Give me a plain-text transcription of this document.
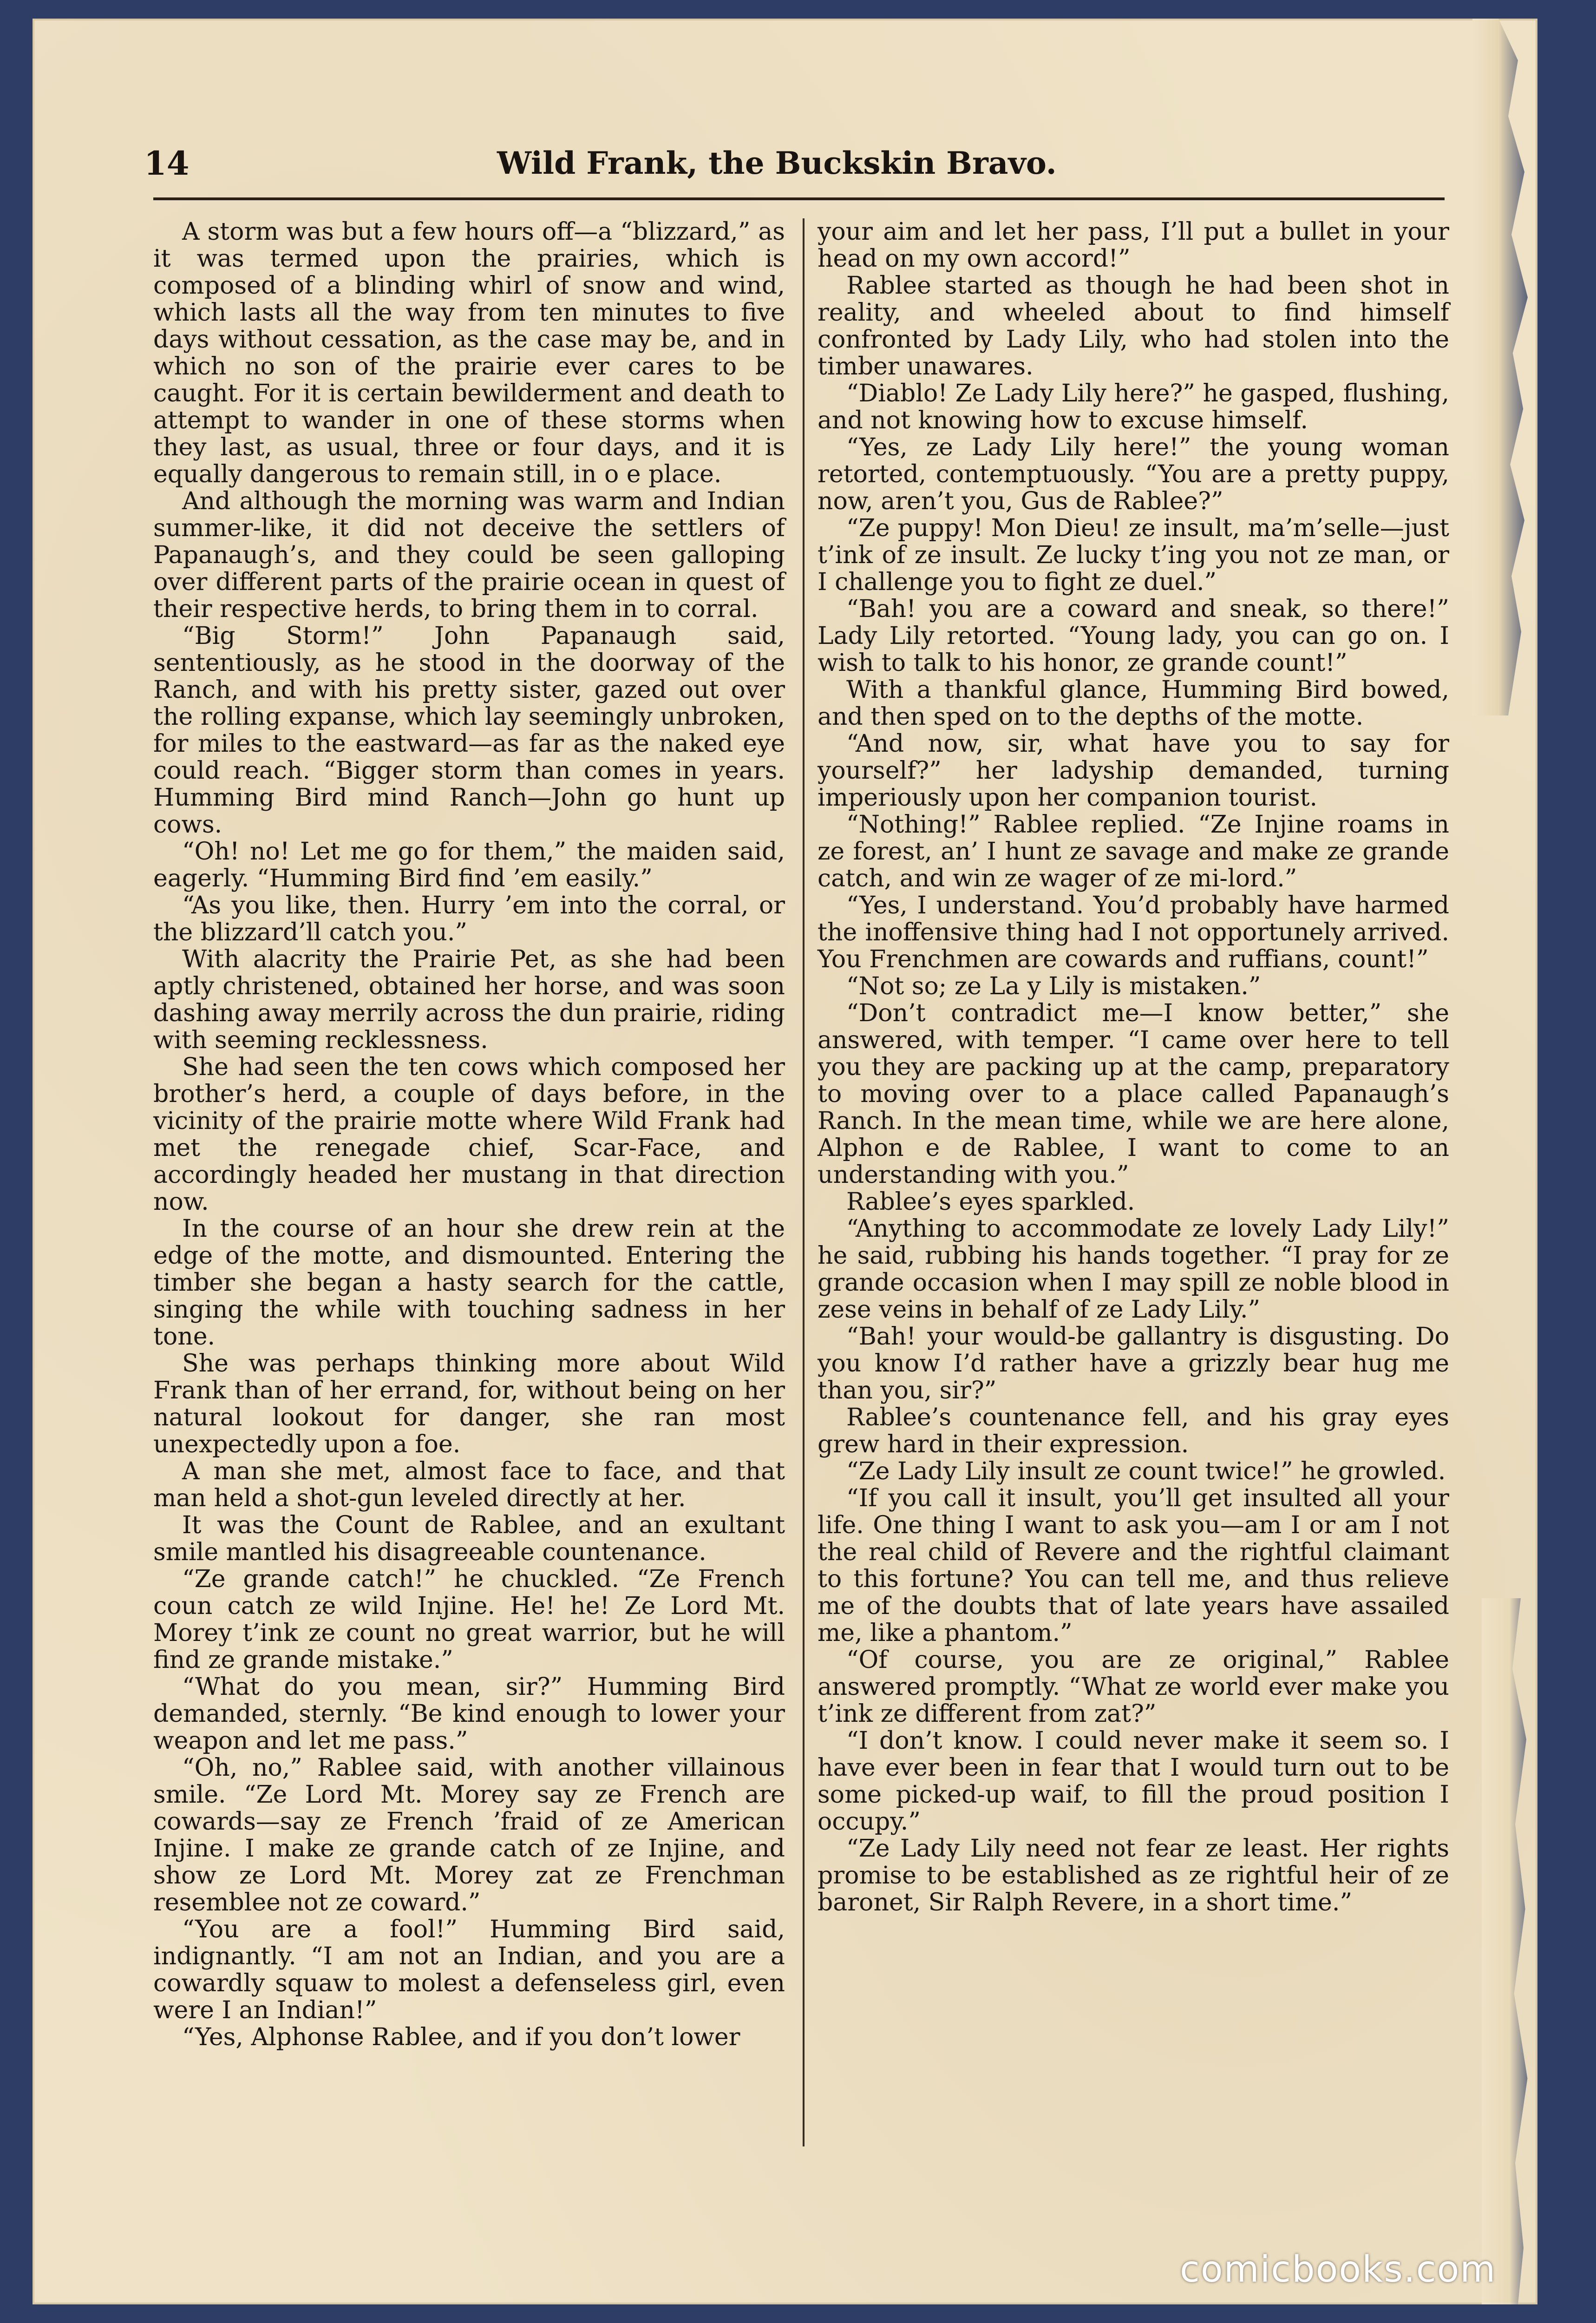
14	Wild Frank, the Buckskin Bravo.

A storm was but a few hours off—a “blizzard,” as it was termed upon the prairies, which is composed of a blinding whirl of snow and wind, which lasts all the way from ten minutes to five days without cessation, as the case may be, and in which no son of the prairie ever cares to be caught. For it is certain bewilderment and death to attempt to wander in one of these storms when they last, as usual, three or four days, and it is equally dangerous to remain still, in o e place.

And although the morning was warm and Indian summer-like, it did not deceive the settlers of Papanaugh’s, and they could be seen galloping over different parts of the prairie ocean in quest of their respective herds, to bring them in to corral.

“Big Storm!” John Papanaugh said, sententiously, as he stood in the doorway of the Ranch, and with his pretty sister, gazed out over the rolling expanse, which lay seemingly unbroken, for miles to the eastward—as far as the naked eye could reach. “Bigger storm than comes in years. Humming Bird mind Ranch—John go hunt up cows.

“Oh! no! Let me go for them,” the maiden said, eagerly. “Humming Bird find ’em easily.”

“As you like, then. Hurry ’em into the corral, or the blizzard’ll catch you.”

With alacrity the Prairie Pet, as she had been aptly christened, obtained her horse, and was soon dashing away merrily across the dun prairie, riding with seeming recklessness.

She had seen the ten cows which composed her brother’s herd, a couple of days before, in the vicinity of the prairie motte where Wild Frank had met the renegade chief, Scar-Face, and accordingly headed her mustang in that direction now.

In the course of an hour she drew rein at the edge of the motte, and dismounted. Entering the timber she began a hasty search for the cattle, singing the while with touching sadness in her tone.

She was perhaps thinking more about Wild Frank than of her errand, for, without being on her natural lookout for danger, she ran most unexpectedly upon a foe.

A man she met, almost face to face, and that man held a shot-gun leveled directly at her.

It was the Count de Rablee, and an exultant smile mantled his disagreeable countenance.

“Ze grande catch!” he chuckled. “Ze French coun catch ze wild Injine. He! he! Ze Lord Mt. Morey t’ink ze count no great warrior, but he will find ze grande mistake.”

“What do you mean, sir?” Humming Bird demanded, sternly. “Be kind enough to lower your weapon and let me pass.”

“Oh, no,” Rablee said, with another villainous smile. “Ze Lord Mt. Morey say ze French are cowards—say ze French ’fraid of ze American Injine. I make ze grande catch of ze Injine, and show ze Lord Mt. Morey zat ze Frenchman resemblee not ze coward.”

“You are a fool!” Humming Bird said, indignantly. “I am not an Indian, and you are a cowardly squaw to molest a defenseless girl, even were I an Indian!”

“Yes, Alphonse Rablee, and if you don’t lower

your aim and let her pass, I’ll put a bullet in your head on my own accord!”

Rablee started as though he had been shot in reality, and wheeled about to find himself confronted by Lady Lily, who had stolen into the timber unawares.

“Diablo! Ze Lady Lily here?” he gasped, flushing, and not knowing how to excuse himself.

“Yes, ze Lady Lily here!” the young woman retorted, contemptuously. “You are a pretty puppy, now, aren’t you, Gus de Rablee?”

“Ze puppy! Mon Dieu! ze insult, ma’m’selle—just t’ink of ze insult. Ze lucky t’ing you not ze man, or I challenge you to fight ze duel.”

“Bah! you are a coward and sneak, so there!” Lady Lily retorted. “Young lady, you can go on. I wish to talk to his honor, ze grande count!”

With a thankful glance, Humming Bird bowed, and then sped on to the depths of the motte.

“And now, sir, what have you to say for yourself?” her ladyship demanded, turning imperiously upon her companion tourist.

“Nothing!” Rablee replied. “Ze Injine roams in ze forest, an’ I hunt ze savage and make ze grande catch, and win ze wager of ze mi-lord.”

“Yes, I understand. You’d probably have harmed the inoffensive thing had I not opportunely arrived. You Frenchmen are cowards and ruffians, count!”

“Not so; ze La y Lily is mistaken.”

“Don’t contradict me—I know better,” she answered, with temper. “I came over here to tell you they are packing up at the camp, preparatory to moving over to a place called Papanaugh’s Ranch. In the mean time, while we are here alone, Alphon e de Rablee, I want to come to an understanding with you.”

Rablee’s eyes sparkled.

“Anything to accommodate ze lovely Lady Lily!” he said, rubbing his hands together. “I pray for ze grande occasion when I may spill ze noble blood in zese veins in behalf of ze Lady Lily.”

“Bah! your would-be gallantry is disgusting. Do you know I’d rather have a grizzly bear hug me than you, sir?”

Rablee’s countenance fell, and his gray eyes grew hard in their expression.

“Ze Lady Lily insult ze count twice!” he growled.

“If you call it insult, you’ll get insulted all your life. One thing I want to ask you—am I or am I not the real child of Revere and the rightful claimant to this fortune? You can tell me, and thus relieve me of the doubts that of late years have assailed me, like a phantom.”

“Of course, you are ze original,” Rablee answered promptly. “What ze world ever make you t’ink ze different from zat?”

“I don’t know. I could never make it seem so. I have ever been in fear that I would turn out to be some picked-up waif, to fill the proud position I occupy.”

“Ze Lady Lily need not fear ze least. Her rights promise to be established as ze rightful heir of ze baronet, Sir Ralph Revere, in a short time.”

comicbooks.com
